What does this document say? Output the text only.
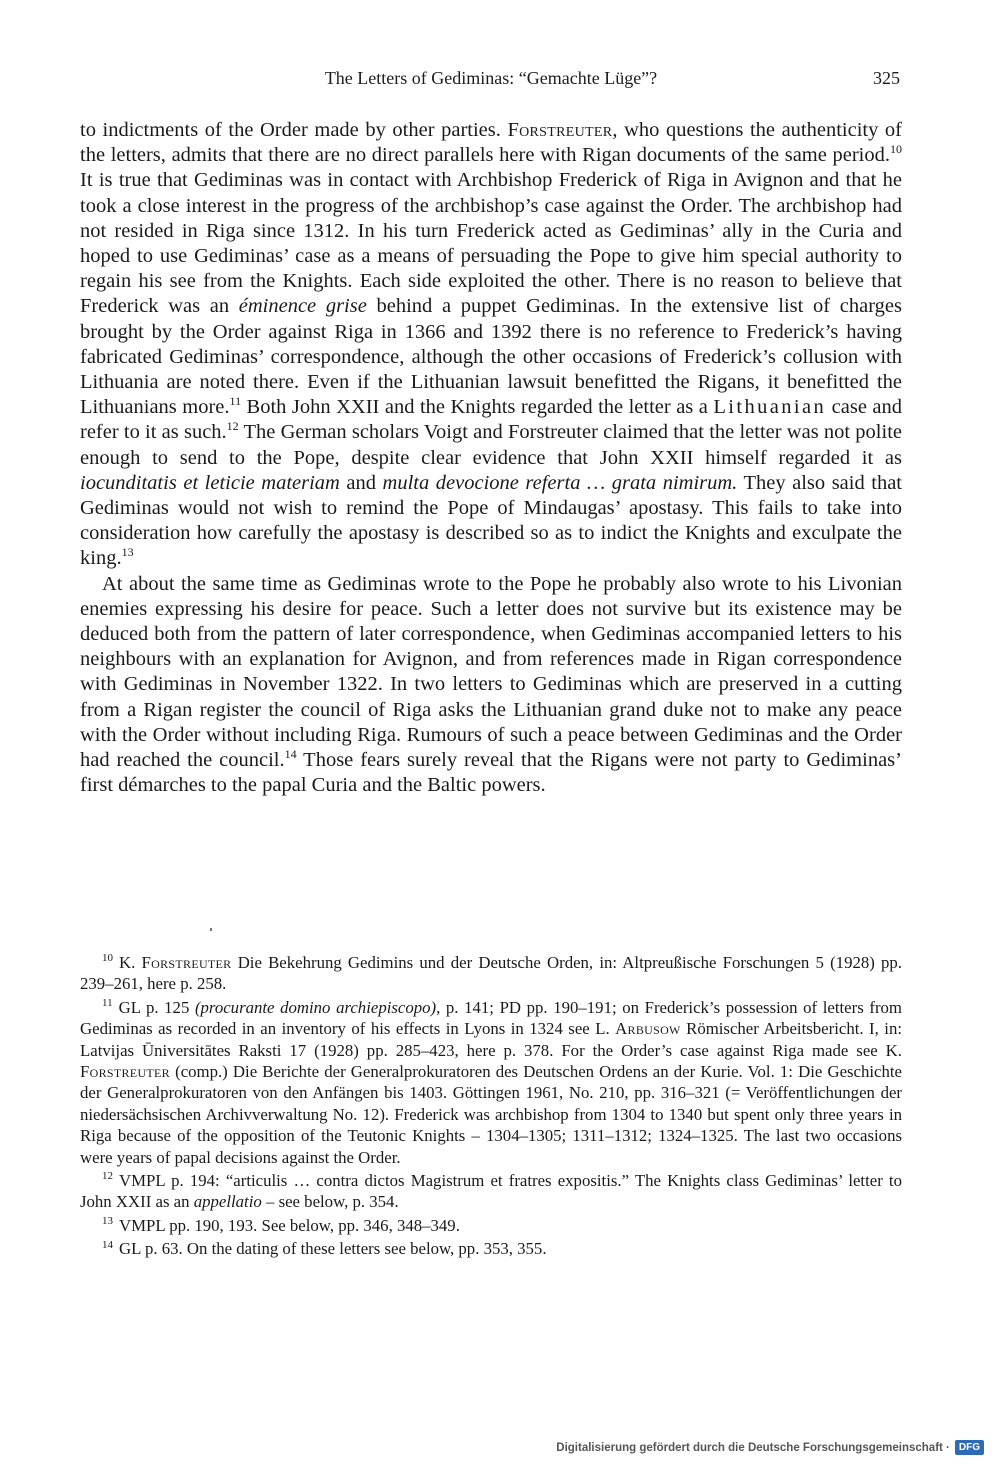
The Letters of Gediminas: “Gemachte Lüge”?	325

to indictments of the Order made by other parties. Forstreuter, who questions the authenticity of the letters, admits that there are no direct parallels here with Rigan documents of the same period.$^{10}$ It is true that Gediminas was in contact with Archbishop Frederick of Riga in Avignon and that he took a close interest in the progress of the archbishop’s case against the Order. The archbishop had not resided in Riga since 1312. In his turn Frederick acted as Gediminas’ ally in the Curia and hoped to use Gediminas’ case as a means of persuading the Pope to give him special authority to regain his see from the Knights. Each side exploited the other. There is no reason to believe that Frederick was an éminence grise behind a puppet Gediminas. In the extensive list of charges brought by the Order against Riga in 1366 and 1392 there is no reference to Frederick’s having fabricated Gediminas’ correspondence, although the other occasions of Frederick’s collusion with Lithuania are noted there. Even if the Lithuanian lawsuit benefitted the Rigans, it benefitted the Lithuanians more.$^{11}$ Both John XXII and the Knights regarded the letter as a Lithuanian case and refer to it as such.$^{12}$ The German scholars Voigt and Forstreuter claimed that the letter was not polite enough to send to the Pope, despite clear evidence that John XXII himself regarded it as iocunditatis et leticie materiam and multa devocione referta … grata nimirum. They also said that Gediminas would not wish to remind the Pope of Mindaugas’ apostasy. This fails to take into consideration how carefully the apostasy is described so as to indict the Knights and exculpate the king.$^{13}$

At about the same time as Gediminas wrote to the Pope he probably also wrote to his Livonian enemies expressing his desire for peace. Such a letter does not survive but its existence may be deduced both from the pattern of later correspondence, when Gediminas accompanied letters to his neighbours with an explanation for Avignon, and from references made in Rigan correspondence with Gediminas in November 1322. In two letters to Gediminas which are preserved in a cutting from a Rigan register the council of Riga asks the Lithuanian grand duke not to make any peace with the Order without including Riga. Rumours of such a peace between Gediminas and the Order had reached the council.$^{14}$ Those fears surely reveal that the Rigans were not party to Gediminas’ first démarches to the papal Curia and the Baltic powers.

$^{10}$ K. Forstreuter Die Bekehrung Gedimins und der Deutsche Orden, in: Altpreußische Forschungen 5 (1928) pp. 239–261, here p. 258.

$^{11}$ GL p. 125 (procurante domino archiepiscopo), p. 141; PD pp. 190–191; on Frederick’s possession of letters from Gediminas as recorded in an inventory of his effects in Lyons in 1324 see L. Arbusow Römischer Arbeitsbericht. I, in: Latvijas Ūniversitātes Raksti 17 (1928) pp. 285–423, here p. 378. For the Order’s case against Riga made see K. Forstreuter (comp.) Die Berichte der Generalprokuratoren des Deutschen Ordens an der Kurie. Vol. 1: Die Geschichte der Generalprokuratoren von den Anfängen bis 1403. Göttingen 1961, No. 210, pp. 316–321 (= Veröffentlichungen der niedersächsischen Archivverwaltung No. 12). Frederick was archbishop from 1304 to 1340 but spent only three years in Riga because of the opposition of the Teutonic Knights – 1304–1305; 1311–1312; 1324–1325. The last two occasions were years of papal decisions against the Order.

$^{12}$ VMPL p. 194: “articulis … contra dictos Magistrum et fratres expositis.” The Knights class Gediminas’ letter to John XXII as an appellatio – see below, p. 354.

$^{13}$ VMPL pp. 190, 193. See below, pp. 346, 348–349.

$^{14}$ GL p. 63. On the dating of these letters see below, pp. 353, 355.

Digitalisierung gefördert durch die Deutsche Forschungsgemeinschaft · DFG
